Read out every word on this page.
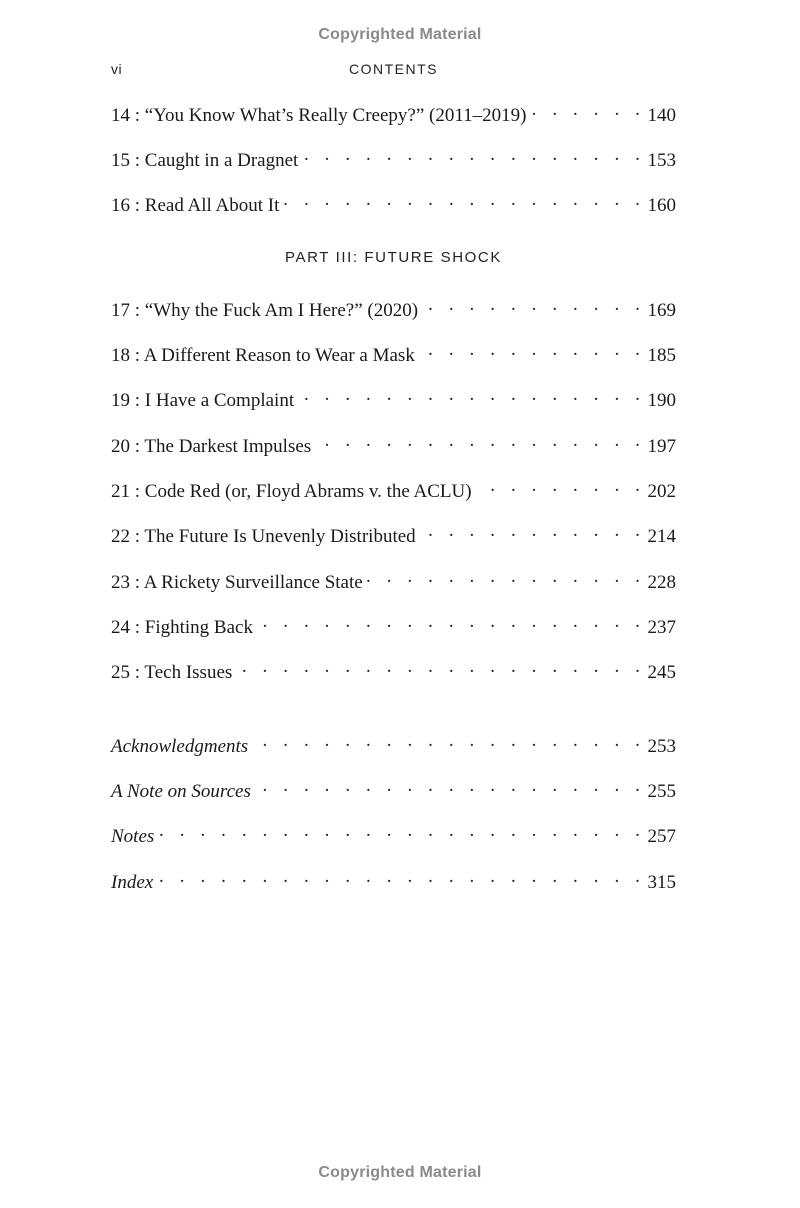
Copyrighted Material
vi	CONTENTS
14 : “You Know What’s Really Creepy?” (2011–2019) . . .	140
15 : Caught in a Dragnet . . .	153
16 : Read All About It . . .	160
PART III: FUTURE SHOCK
17 : “Why the Fuck Am I Here?” (2020) . . .	169
18 : A Different Reason to Wear a Mask . . .	185
19 : I Have a Complaint . . .	190
20 : The Darkest Impulses . . .	197
21 : Code Red (or, Floyd Abrams v. the ACLU) . . .	202
22 : The Future Is Unevenly Distributed . . .	214
23 : A Rickety Surveillance State . . .	228
24 : Fighting Back . . .	237
25 : Tech Issues . . .	245
Acknowledgments . . .	253
A Note on Sources . . .	255
Notes . . .	257
Index . . .	315
Copyrighted Material
